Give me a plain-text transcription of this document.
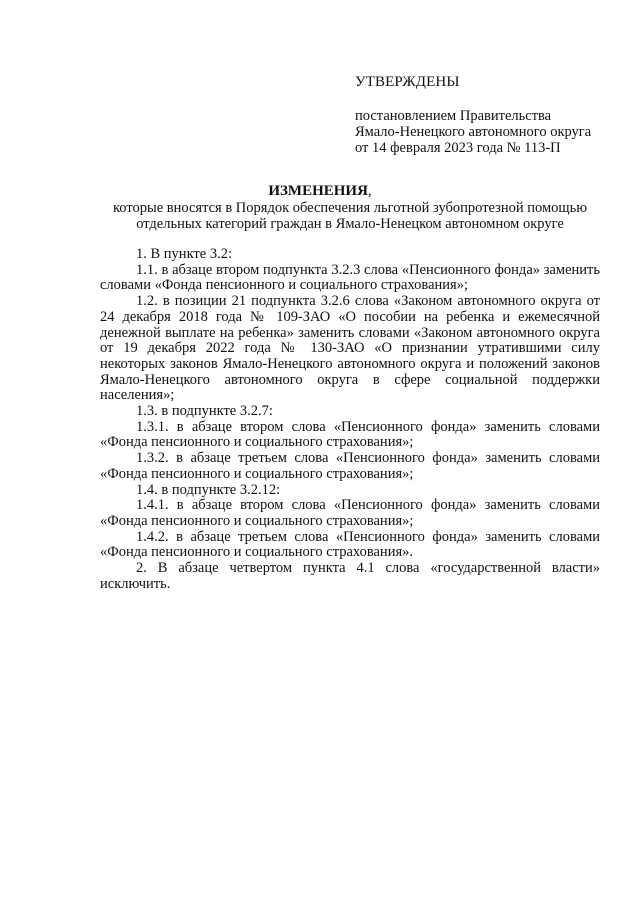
УТВЕРЖДЕНЫ
постановлением Правительства
Ямало-Ненецкого автономного округа
от 14 февраля 2023 года № 113-П
ИЗМЕНЕНИЯ,
которые вносятся в Порядок обеспечения льготной зубопротезной помощью отдельных категорий граждан в Ямало-Ненецком автономном округе

1. В пункте 3.2:

1.1. в абзаце втором подпункта 3.2.3 слова «Пенсионного фонда» заменить словами «Фонда пенсионного и социального страхования»;

1.2. в позиции 21 подпункта 3.2.6 слова «Законом автономного округа от 24 декабря 2018 года № 109-ЗАО «О пособии на ребенка и ежемесячной денежной выплате на ребенка» заменить словами «Законом автономного округа от 19 декабря 2022 года № 130-ЗАО «О признании утратившими силу некоторых законов Ямало-Ненецкого автономного округа и положений законов Ямало-Ненецкого автономного округа в сфере социальной поддержки населения»;

1.3. в подпункте 3.2.7:

1.3.1. в абзаце втором слова «Пенсионного фонда» заменить словами «Фонда пенсионного и социального страхования»;

1.3.2. в абзаце третьем слова «Пенсионного фонда» заменить словами «Фонда пенсионного и социального страхования»;

1.4. в подпункте 3.2.12:

1.4.1. в абзаце втором слова «Пенсионного фонда» заменить словами «Фонда пенсионного и социального страхования»;

1.4.2. в абзаце третьем слова «Пенсионного фонда» заменить словами «Фонда пенсионного и социального страхования».

2. В абзаце четвертом пункта 4.1 слова «государственной власти» исключить.
